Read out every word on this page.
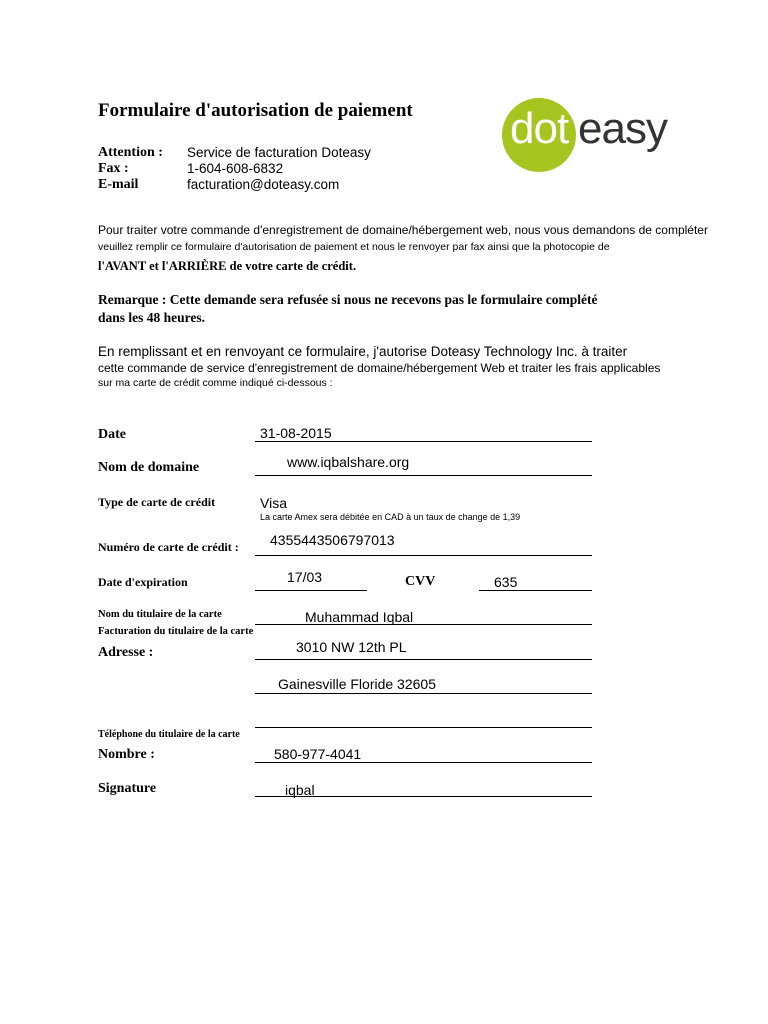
Formulaire d'autorisation de paiement dot easy
Attention : Service de facturation Doteasy
Fax :	1-604-608-6832
E-mail	facturation@doteasy.com
Pour traiter votre commande d'enregistrement de domaine/hébergement web, nous vous demandons de compléter
veuillez remplir ce formulaire d'autorisation de paiement et nous le renvoyer par fax ainsi que la photocopie de
l'AVANT et l'ARRIÈRE de votre carte de crédit.
Remarque : Cette demande sera refusée si nous ne recevons pas le formulaire complété
dans les 48 heures.
En remplissant et en renvoyant ce formulaire, j'autorise Doteasy Technology Inc. à traiter
cette commande de service d'enregistrement de domaine/hébergement Web et traiter les frais applicables
sur ma carte de crédit comme indiqué ci-dessous :
Date	31-08-2015
Nom de domaine	www.iqbalshare.org
Type de carte de crédit	Visa
La carte Amex sera débitée en CAD à un taux de change de 1,39
Numéro de carte de crédit : 4355443506797013
Date d'expiration	17/03	CVV	635
Nom du titulaire de la carte	Muhammad Iqbal
Facturation du titulaire de la carte
Adresse :	3010 NW 12th PL
Gainesville Floride 32605
Téléphone du titulaire de la carte
Nombre :	580-977-4041
Signature	iqbal
